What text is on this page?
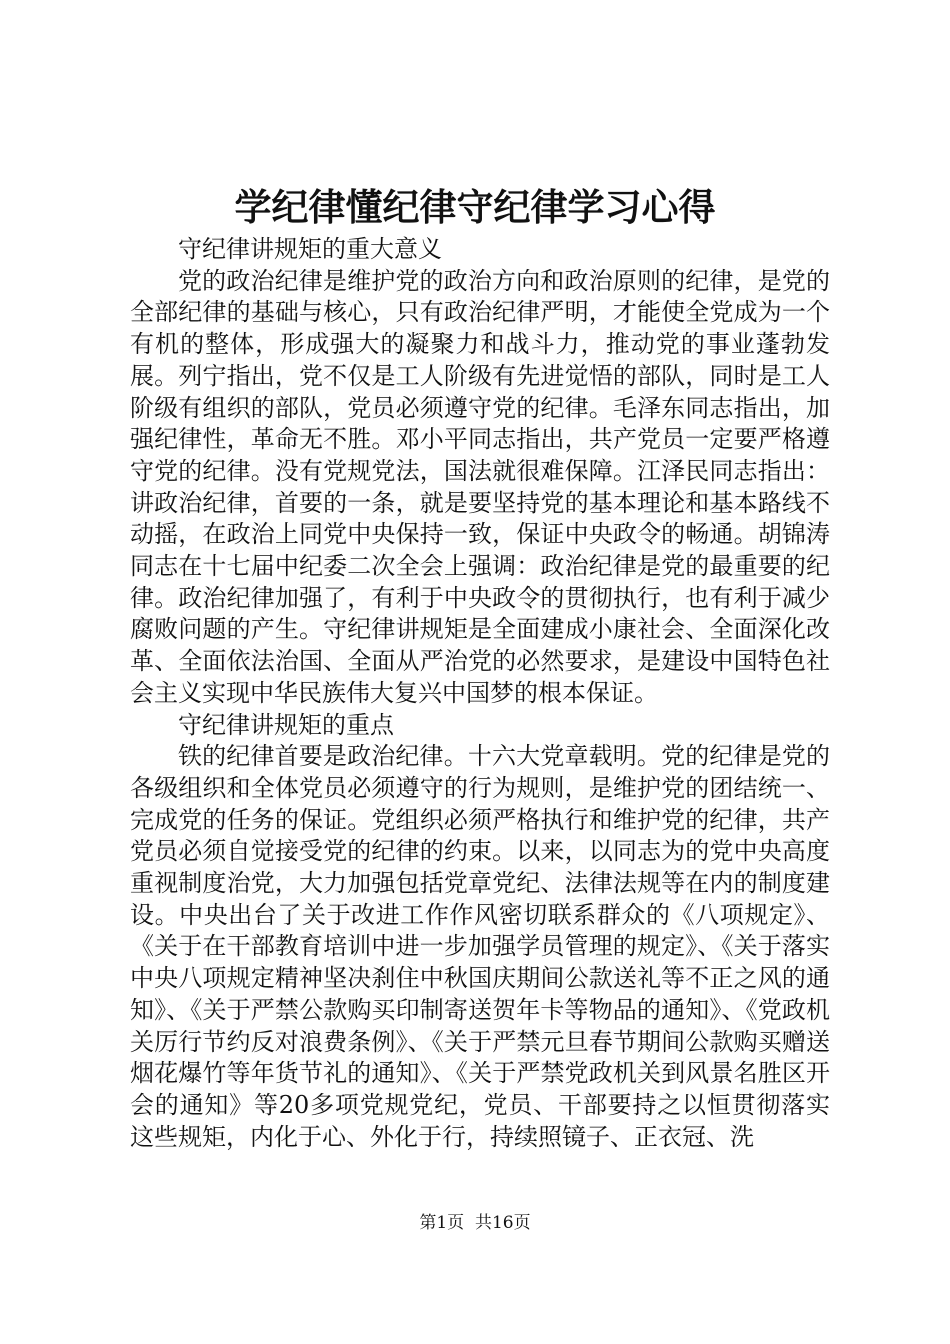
学纪律懂纪律守纪律学习心得

守纪律讲规矩的重大意义

党的政治纪律是维护党的政治方向和政治原则的纪律，是党的全部纪律的基础与核心，只有政治纪律严明，才能使全党成为一个有机的整体，形成强大的凝聚力和战斗力，推动党的事业蓬勃发展。列宁指出，党不仅是工人阶级有先进觉悟的部队，同时是工人阶级有组织的部队，党员必须遵守党的纪律。毛泽东同志指出，加强纪律性，革命无不胜。邓小平同志指出，共产党员一定要严格遵守党的纪律。没有党规党法，国法就很难保障。江泽民同志指出：讲政治纪律，首要的一条，就是要坚持党的基本理论和基本路线不动摇，在政治上同党中央保持一致，保证中央政令的畅通。胡锦涛同志在十七届中纪委二次全会上强调：政治纪律是党的最重要的纪律。政治纪律加强了，有利于中央政令的贯彻执行，也有利于减少腐败问题的产生。守纪律讲规矩是全面建成小康社会、全面深化改革、全面依法治国、全面从严治党的必然要求，是建设中国特色社会主义实现中华民族伟大复兴中国梦的根本保证。

守纪律讲规矩的重点

铁的纪律首要是政治纪律。十六大党章载明。党的纪律是党的各级组织和全体党员必须遵守的行为规则，是维护党的团结统一、完成党的任务的保证。党组织必须严格执行和维护党的纪律，共产党员必须自觉接受党的纪律的约束。以来，以同志为的党中央高度重视制度治党，大力加强包括党章党纪、法律法规等在内的制度建设。中央出台了关于改进工作作风密切联系群众的《八项规定》、《关于在干部教育培训中进一步加强学员管理的规定》、《关于落实中央八项规定精神坚决刹住中秋国庆期间公款送礼等不正之风的通知》、《关于严禁公款购买印制寄送贺年卡等物品的通知》、《党政机关厉行节约反对浪费条例》、《关于严禁元旦春节期间公款购买赠送烟花爆竹等年货节礼的通知》、《关于严禁党政机关到风景名胜区开会的通知》等20多项党规党纪，党员、干部要持之以恒贯彻落实这些规矩，内化于心、外化于行，持续照镜子、正衣冠、洗

第1页  共16页
